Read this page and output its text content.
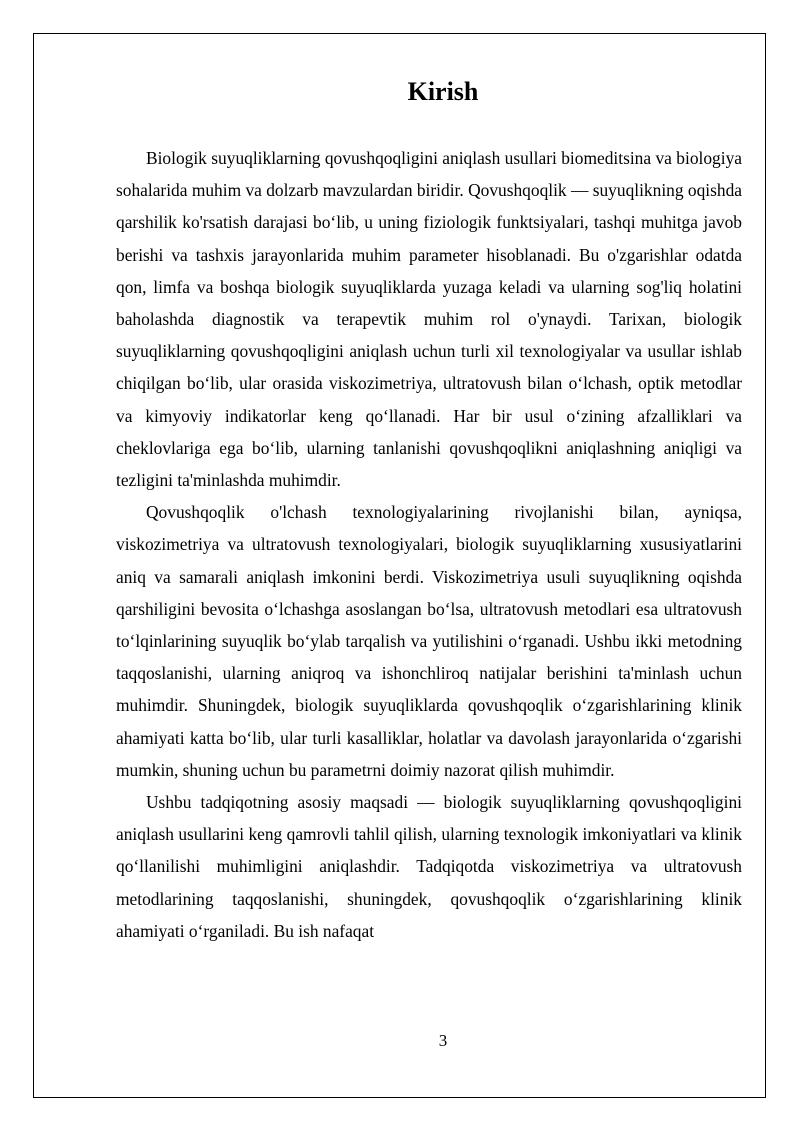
Kirish

Biologik suyuqliklarning qovushqoqligini aniqlash usullari biomeditsina va biologiya sohalarida muhim va dolzarb mavzulardan biridir. Qovushqoqlik — suyuqlikning oqishda qarshilik ko'rsatish darajasi bo‘lib, u uning fiziologik funktsiyalari, tashqi muhitga javob berishi va tashxis jarayonlarida muhim parameter hisoblanadi. Bu o'zgarishlar odatda qon, limfa va boshqa biologik suyuqliklarda yuzaga keladi va ularning sog'liq holatini baholashda diagnostik va terapevtik muhim rol o'ynaydi. Tarixan, biologik suyuqliklarning qovushqoqligini aniqlash uchun turli xil texnologiyalar va usullar ishlab chiqilgan bo‘lib, ular orasida viskozimetriya, ultratovush bilan o‘lchash, optik metodlar va kimyoviy indikatorlar keng qo‘llanadi. Har bir usul o‘zining afzalliklari va cheklovlariga ega bo‘lib, ularning tanlanishi qovushqoqlikni aniqlashning aniqligi va tezligini ta'minlashda muhimdir.

Qovushqoqlik o'lchash texnologiyalarining rivojlanishi bilan, ayniqsa, viskozimetriya va ultratovush texnologiyalari, biologik suyuqliklarning xususiyatlarini aniq va samarali aniqlash imkonini berdi. Viskozimetriya usuli suyuqlikning oqishda qarshiligini bevosita o‘lchashga asoslangan bo‘lsa, ultratovush metodlari esa ultratovush to‘lqinlarining suyuqlik bo‘ylab tarqalish va yutilishini o‘rganadi. Ushbu ikki metodning taqqoslanishi, ularning aniqroq va ishonchliroq natijalar berishini ta'minlash uchun muhimdir. Shuningdek, biologik suyuqliklarda qovushqoqlik o‘zgarishlarining klinik ahamiyati katta bo‘lib, ular turli kasalliklar, holatlar va davolash jarayonlarida o‘zgarishi mumkin, shuning uchun bu parametrni doimiy nazorat qilish muhimdir.

Ushbu tadqiqotning asosiy maqsadi — biologik suyuqliklarning qovushqoqligini aniqlash usullarini keng qamrovli tahlil qilish, ularning texnologik imkoniyatlari va klinik qo‘llanilishi muhimligini aniqlashdir. Tadqiqotda viskozimetriya va ultratovush metodlarining taqqoslanishi, shuningdek, qovushqoqlik o‘zgarishlarining klinik ahamiyati o‘rganiladi. Bu ish nafaqat

3
